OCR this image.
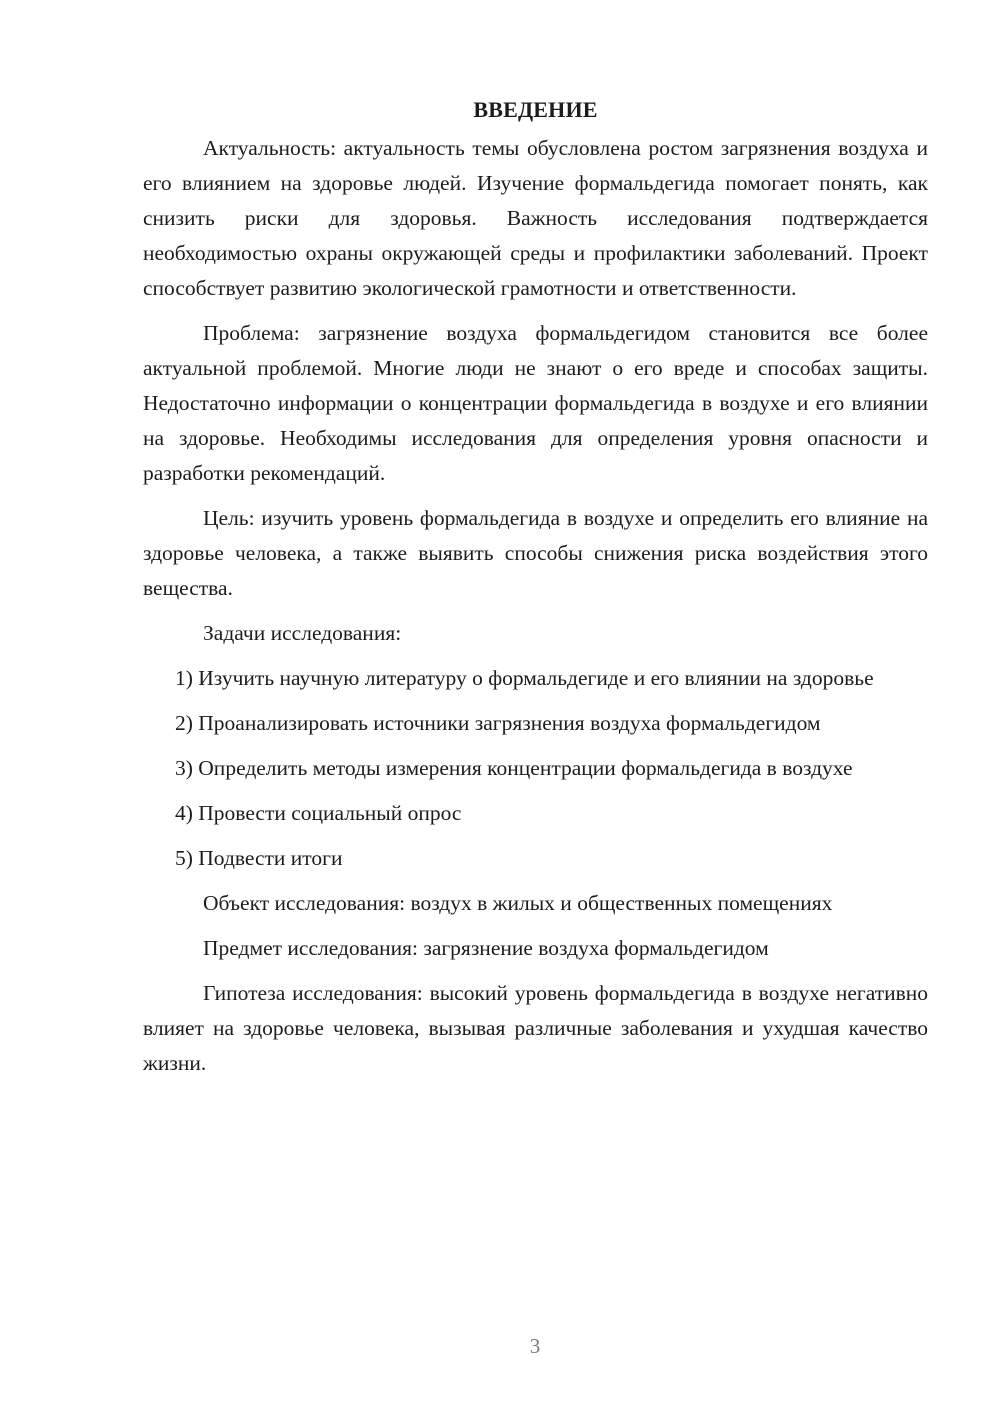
ВВЕДЕНИЕ

Актуальность: актуальность темы обусловлена ростом загрязнения воздуха и его влиянием на здоровье людей. Изучение формальдегида помогает понять, как снизить риски для здоровья. Важность исследования подтверждается необходимостью охраны окружающей среды и профилактики заболеваний. Проект способствует развитию экологической грамотности и ответственности.

Проблема: загрязнение воздуха формальдегидом становится все более актуальной проблемой. Многие люди не знают о его вреде и способах защиты. Недостаточно информации о концентрации формальдегида в воздухе и его влиянии на здоровье. Необходимы исследования для определения уровня опасности и разработки рекомендаций.

Цель: изучить уровень формальдегида в воздухе и определить его влияние на здоровье человека, а также выявить способы снижения риска воздействия этого вещества.

Задачи исследования:

1) Изучить научную литературу о формальдегиде и его влиянии на здоровье

2) Проанализировать источники загрязнения воздуха формальдегидом

3) Определить методы измерения концентрации формальдегида в воздухе

4) Провести социальный опрос

5) Подвести итоги

Объект исследования: воздух в жилых и общественных помещениях

Предмет исследования: загрязнение воздуха формальдегидом

Гипотеза исследования: высокий уровень формальдегида в воздухе негативно влияет на здоровье человека, вызывая различные заболевания и ухудшая качество жизни.

3
